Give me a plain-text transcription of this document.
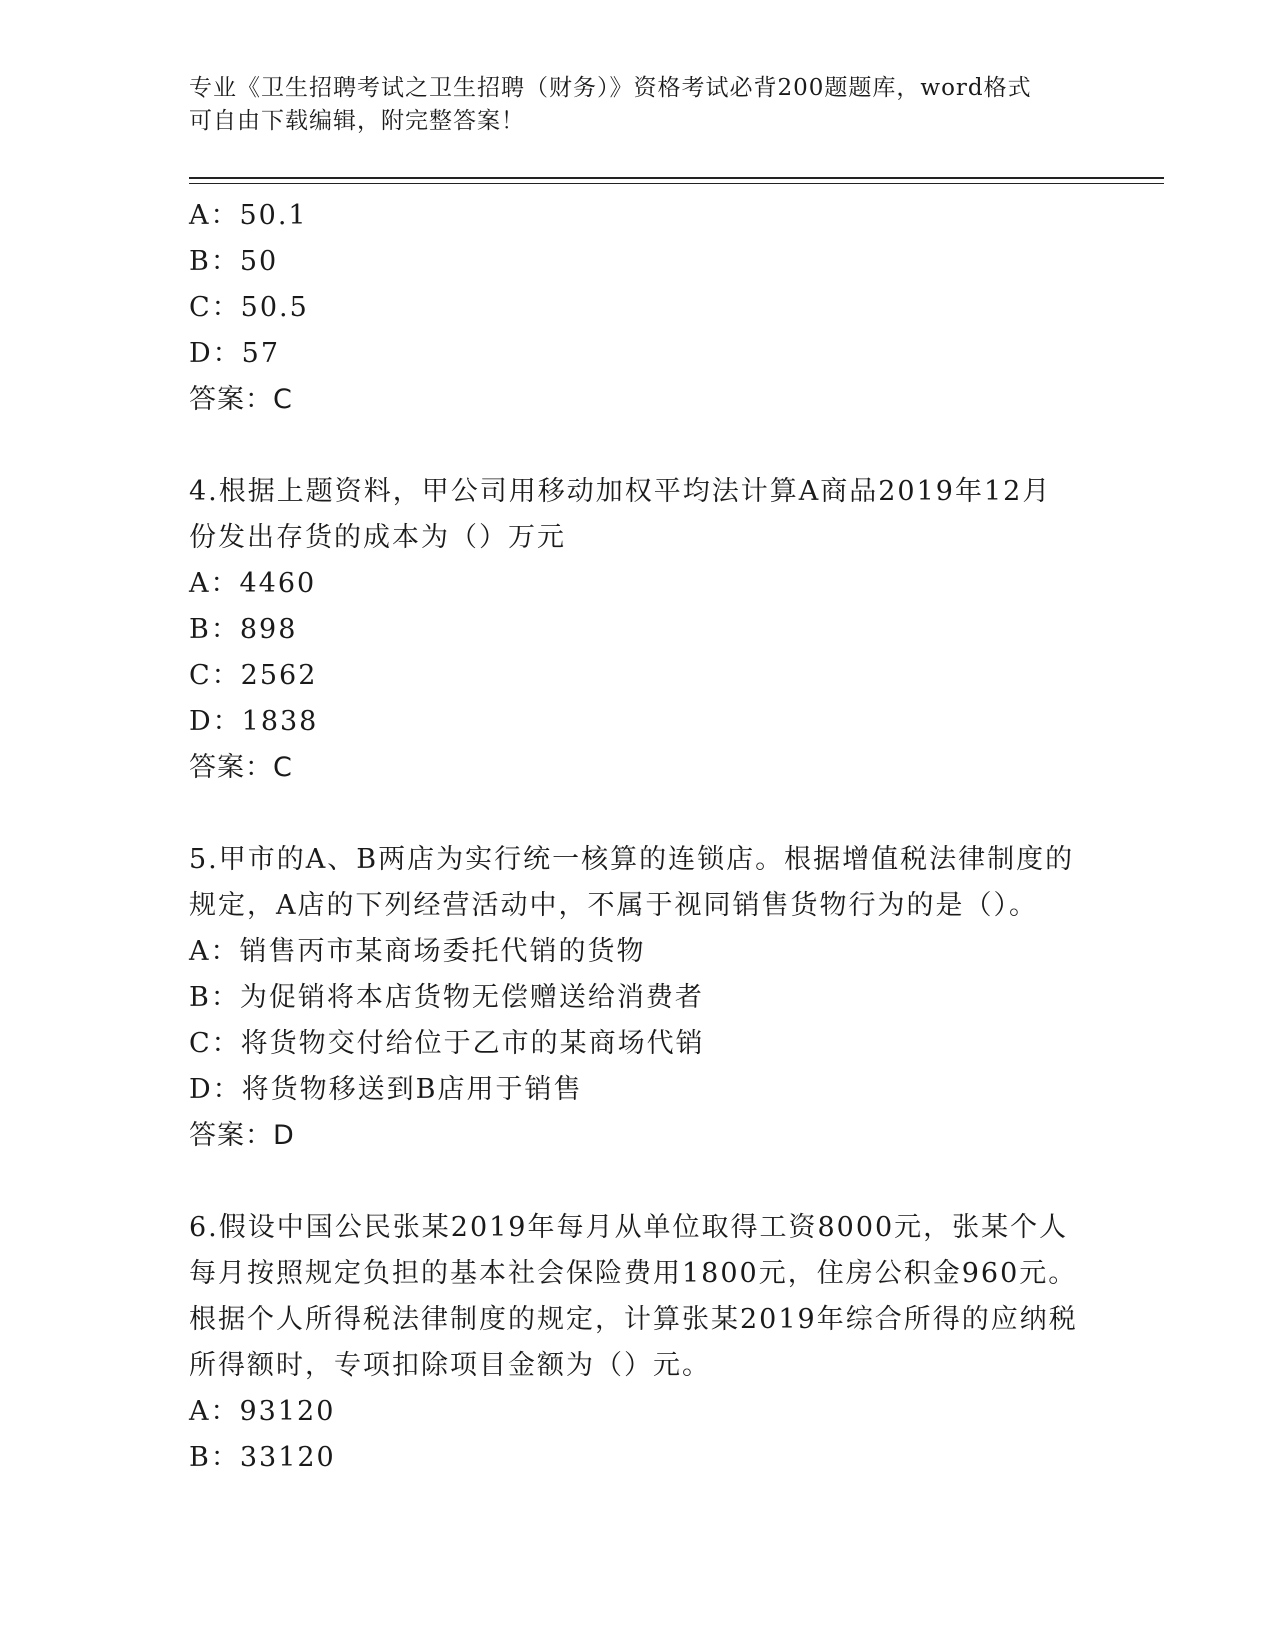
专业《卫生招聘考试之卫生招聘（财务）》资格考试必背200题题库，word格式
可自由下载编辑，附完整答案！
A：50.1
B：50
C：50.5
D：57
答案：C
4.根据上题资料，甲公司用移动加权平均法计算A商品2019年12月
份发出存货的成本为（）万元
A：4460
B：898
C：2562
D：1838
答案：C
5.甲市的A、B两店为实行统一核算的连锁店。根据增值税法律制度的
规定，A店的下列经营活动中，不属于视同销售货物行为的是（）。
A：销售丙市某商场委托代销的货物
B：为促销将本店货物无偿赠送给消费者
C：将货物交付给位于乙市的某商场代销
D：将货物移送到B店用于销售
答案：D
6.假设中国公民张某2019年每月从单位取得工资8000元，张某个人
每月按照规定负担的基本社会保险费用1800元，住房公积金960元。
根据个人所得税法律制度的规定，计算张某2019年综合所得的应纳税
所得额时，专项扣除项目金额为（）元。
A：93120
B：33120
